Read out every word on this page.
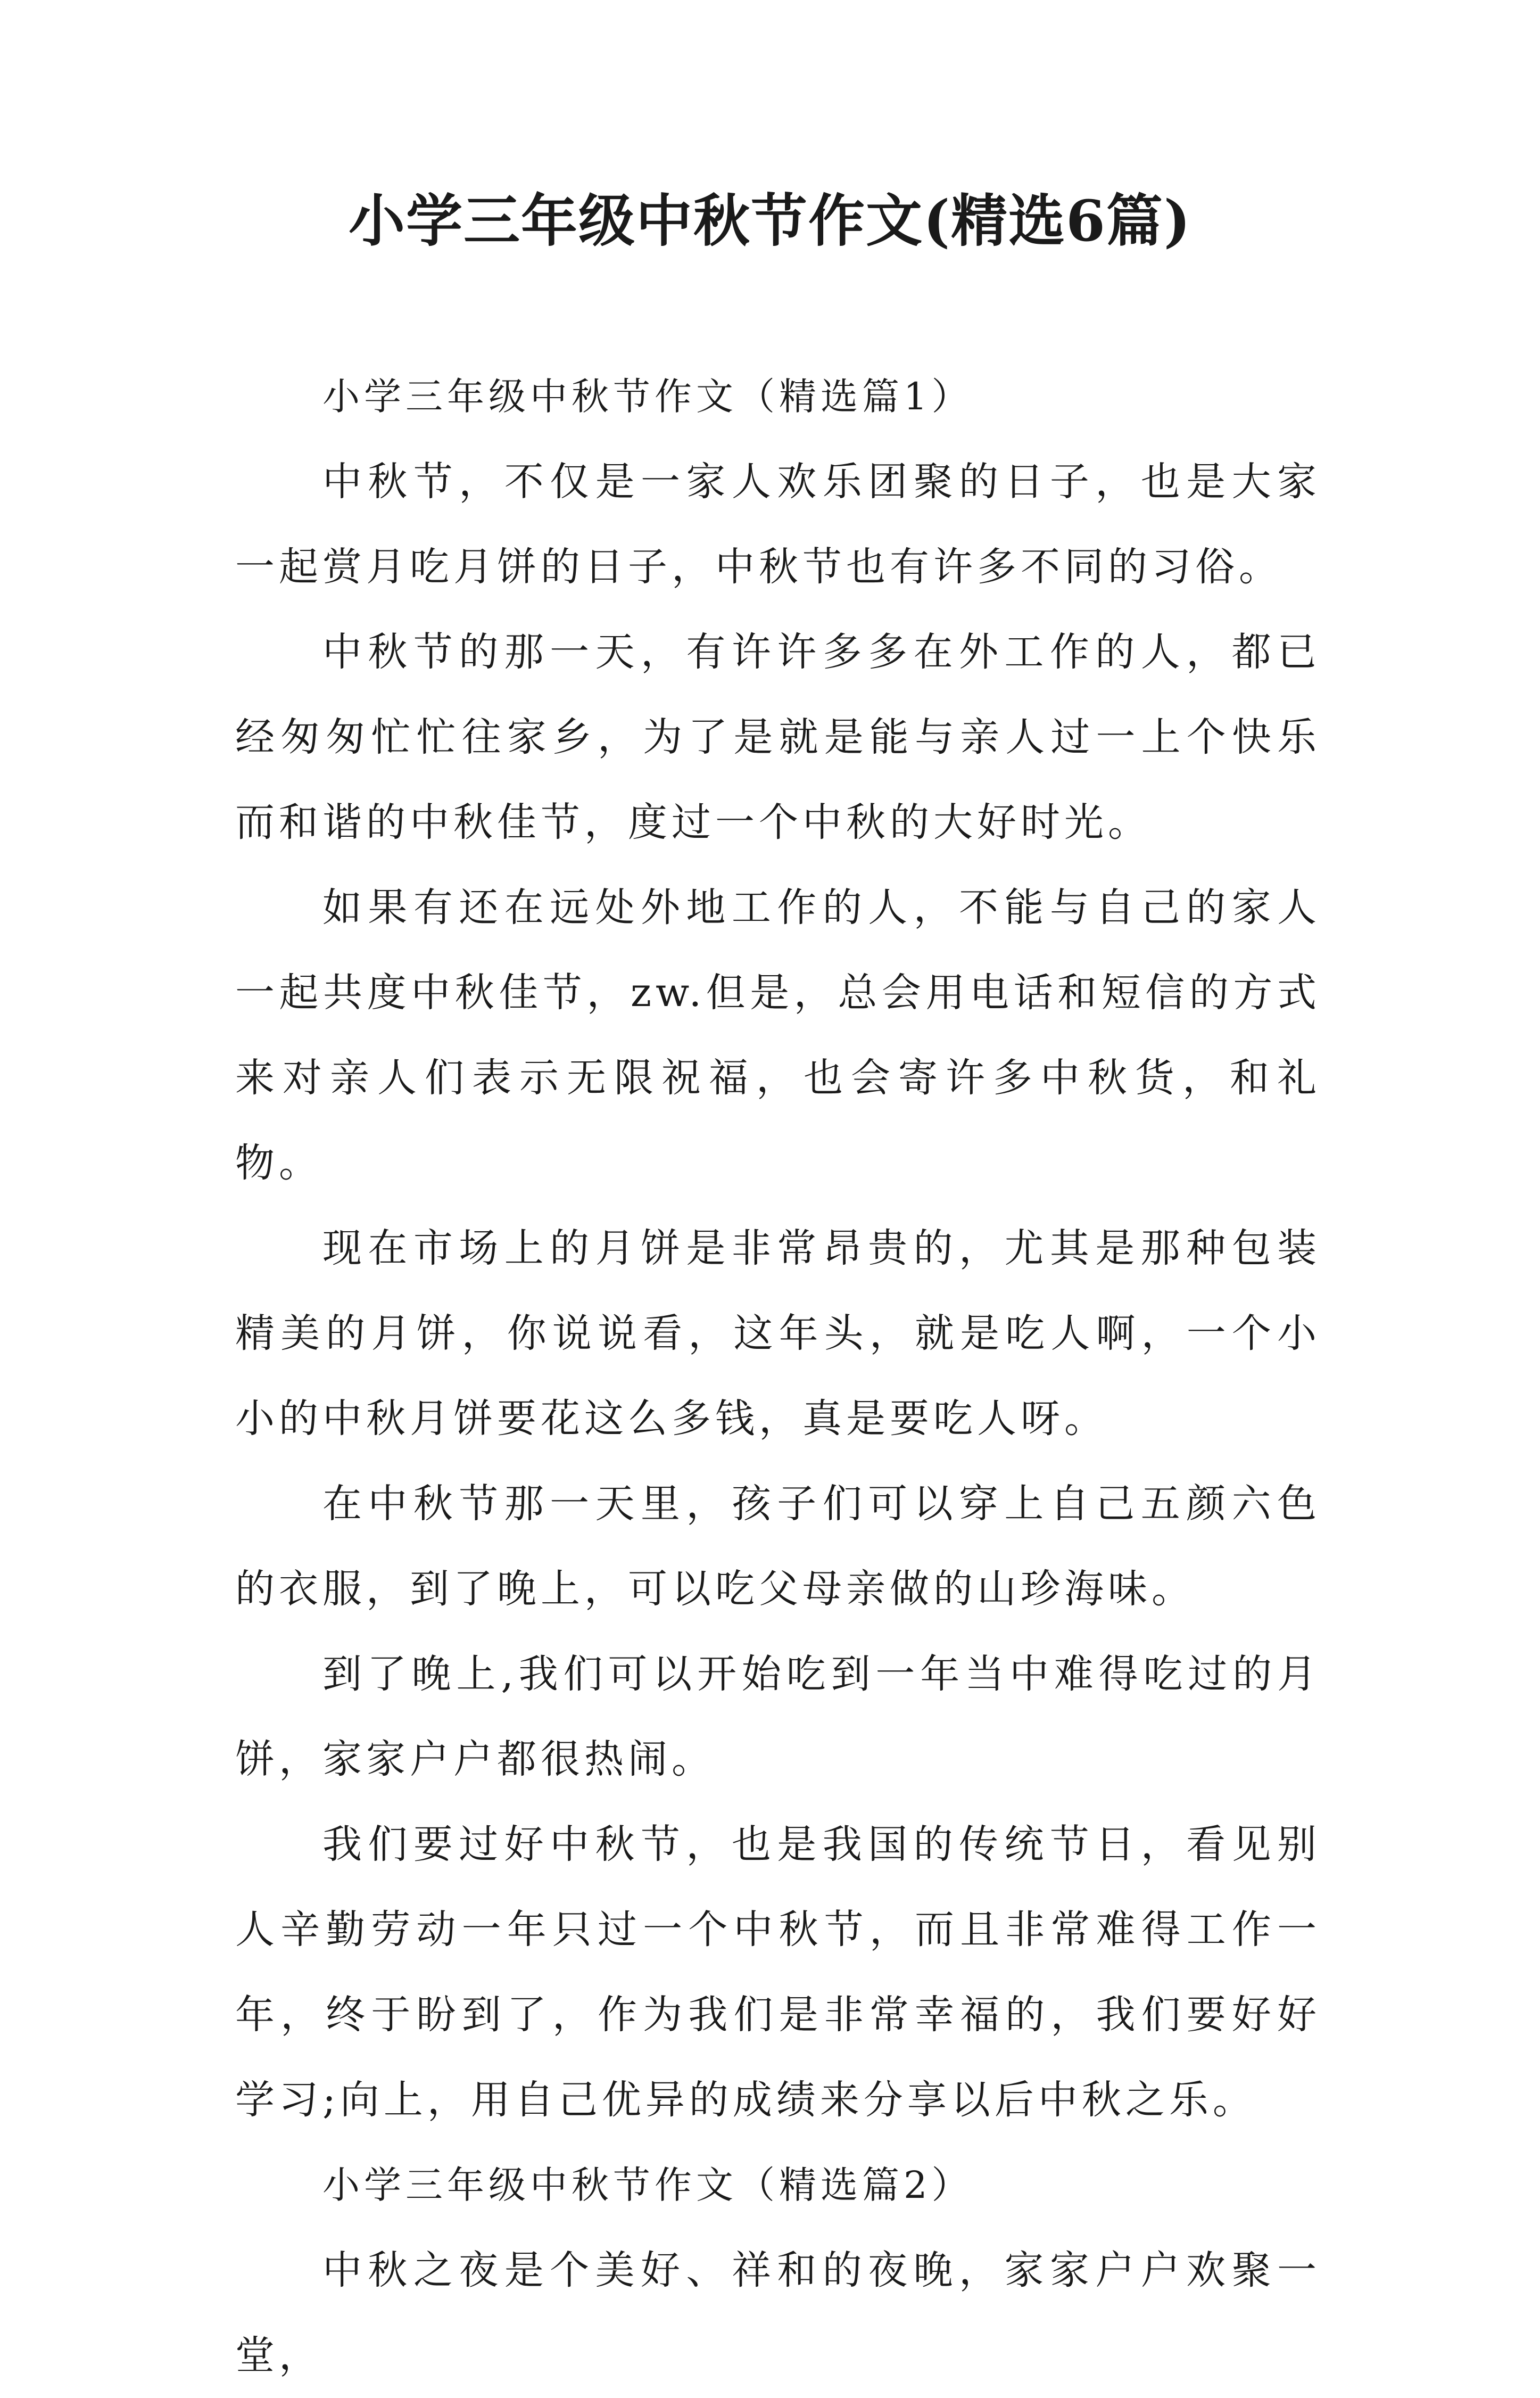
小学三年级中秋节作文(精选6篇)

小学三年级中秋节作文（精选篇1）

中秋节，不仅是一家人欢乐团聚的日子，也是大家一起赏月吃月饼的日子，中秋节也有许多不同的习俗。

中秋节的那一天，有许许多多在外工作的人，都已经匆匆忙忙往家乡，为了是就是能与亲人过一上个快乐而和谐的中秋佳节，度过一个中秋的大好时光。

如果有还在远处外地工作的人，不能与自己的家人一起共度中秋佳节，zw.但是，总会用电话和短信的方式来对亲人们表示无限祝福，也会寄许多中秋货，和礼物。

现在市场上的月饼是非常昂贵的，尤其是那种包装精美的月饼，你说说看，这年头，就是吃人啊，一个小小的中秋月饼要花这么多钱，真是要吃人呀。

在中秋节那一天里，孩子们可以穿上自己五颜六色的衣服，到了晚上，可以吃父母亲做的山珍海味。

到了晚上,我们可以开始吃到一年当中难得吃过的月饼，家家户户都很热闹。

我们要过好中秋节，也是我国的传统节日，看见别人辛勤劳动一年只过一个中秋节，而且非常难得工作一年，终于盼到了，作为我们是非常幸福的，我们要好好学习;向上，用自己优异的成绩来分享以后中秋之乐。

小学三年级中秋节作文（精选篇2）

中秋之夜是个美好、祥和的夜晚，家家户户欢聚一堂，
